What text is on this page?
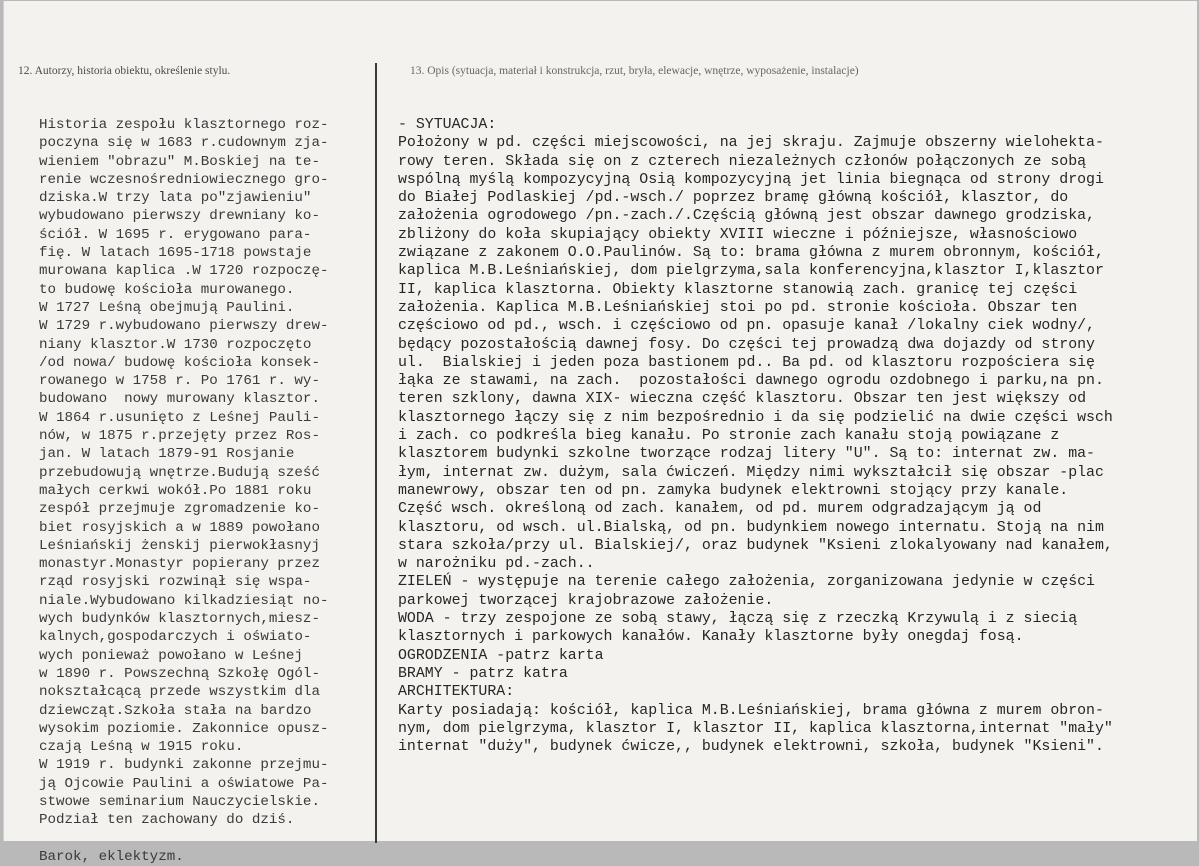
12. Autorzy, historia obiektu, określenie stylu.	13. Opis (sytuacja, materiał i konstrukcja, rzut, bryła, elewacje, wnętrze, wyposażenie, instalacje)
Historia zespołu klasztornego roz-
poczyna się w 1683 r.cudownym zja-
wieniem "obrazu" M.Boskiej na te-
renie wczesnośredniowiecznego gro-
dziska.W trzy lata po"zjawieniu"
wybudowano pierwszy drewniany ko-
ściół. W 1695 r. erygowano para-
fię. W latach 1695-1718 powstaje
murowana kaplica .W 1720 rozpoczę-
to budowę kościoła murowanego.
W 1727 Leśną obejmują Paulini.
W 1729 r.wybudowano pierwszy drew-
niany klasztor.W 1730 rozpoczęto
/od nowa/ budowę kościoła konsek-
rowanego w 1758 r. Po 1761 r. wy-
budowano  nowy murowany klasztor.
W 1864 r.usunięto z Leśnej Pauli-
nów, w 1875 r.przejęty przez Ros-
jan. W latach 1879-91 Rosjanie
przebudowują wnętrze.Budują sześć
małych cerkwi wokół.Po 1881 roku
zespół przejmuje zgromadzenie ko-
biet rosyjskich a w 1889 powołano
Leśniańskij żenskij pierwokłasnyj
monastyr.Monastyr popierany przez
rząd rosyjski rozwinął się wspa-
niale.Wybudowano kilkadziesiąt no-
wych budynków klasztornych,miesz-
kalnych,gospodarczych i oświato-
wych ponieważ powołano w Leśnej
w 1890 r. Powszechną Szkołę Ogól-
nokształcącą przede wszystkim dla
dziewcząt.Szkoła stała na bardzo
wysokim poziomie. Zakonnice opusz-
czają Leśną w 1915 roku.
W 1919 r. budynki zakonne przejmu-
ją Ojcowie Paulini a oświatowe Pa-
stwowe seminarium Nauczycielskie.
Podział ten zachowany do dziś.
Barok, eklektyzm.
- SYTUACJA:
Położony w pd. części miejscowości, na jej skraju. Zajmuje obszerny wielohekta-
rowy teren. Składa się on z czterech niezależnych członów połączonych ze sobą
wspólną myślą kompozycyjną Osią kompozycyjną jet linia biegnąca od strony drogi
do Białej Podlaskiej /pd.-wsch./ poprzez bramę główną kościół, klasztor, do
założenia ogrodowego /pn.-zach./.Częścią główną jest obszar dawnego grodziska,
zbliżony do koła skupiający obiekty XVIII wieczne i późniejsze, własnościowo
związane z zakonem O.O.Paulinów. Są to: brama główna z murem obronnym, kościół,
kaplica M.B.Leśniańskiej, dom pielgrzyma,sala konferencyjna,klasztor I,klasztor
II, kaplica klasztorna. Obiekty klasztorne stanowią zach. granicę tej części
założenia. Kaplica M.B.Leśniańskiej stoi po pd. stronie kościoła. Obszar ten
częściowo od pd., wsch. i częściowo od pn. opasuje kanał /lokalny ciek wodny/,
będący pozostałością dawnej fosy. Do części tej prowadzą dwa dojazdy od strony
ul.  Bialskiej i jeden poza bastionem pd.. Ba pd. od klasztoru rozpościera się
łąka ze stawami, na zach.  pozostałości dawnego ogrodu ozdobnego i parku,na pn.
teren szklony, dawna XIX- wieczna część klasztoru. Obszar ten jest większy od
klasztornego łączy się z nim bezpośrednio i da się podzielić na dwie części wsch
i zach. co podkreśla bieg kanału. Po stronie zach kanału stoją powiązane z
klasztorem budynki szkolne tworzące rodzaj litery "U". Są to: internat zw. ma-
łym, internat zw. dużym, sala ćwiczeń. Między nimi wykształcił się obszar -plac
manewrowy, obszar ten od pn. zamyka budynek elektrowni stojący przy kanale.
Część wsch. określoną od zach. kanałem, od pd. murem odgradzającym ją od
klasztoru, od wsch. ul.Bialską, od pn. budynkiem nowego internatu. Stoją na nim
stara szkoła/przy ul. Bialskiej/, oraz budynek "Ksieni zlokalyowany nad kanałem,
w narożniku pd.-zach..
ZIELEŃ - występuje na terenie całego założenia, zorganizowana jedynie w części
parkowej tworzącej krajobrazowe założenie.
WODA - trzy zespojone ze sobą stawy, łączą się z rzeczką Krzywulą i z siecią
klasztornych i parkowych kanałów. Kanały klasztorne były onegdaj fosą.
OGRODZENIA -patrz karta
BRAMY - patrz katra
ARCHITEKTURA:
Karty posiadają: kościół, kaplica M.B.Leśniańskiej, brama główna z murem obron-
nym, dom pielgrzyma, klasztor I, klasztor II, kaplica klasztorna,internat "mały"
internat "duży", budynek ćwicze,, budynek elektrowni, szkoła, budynek "Ksieni".
